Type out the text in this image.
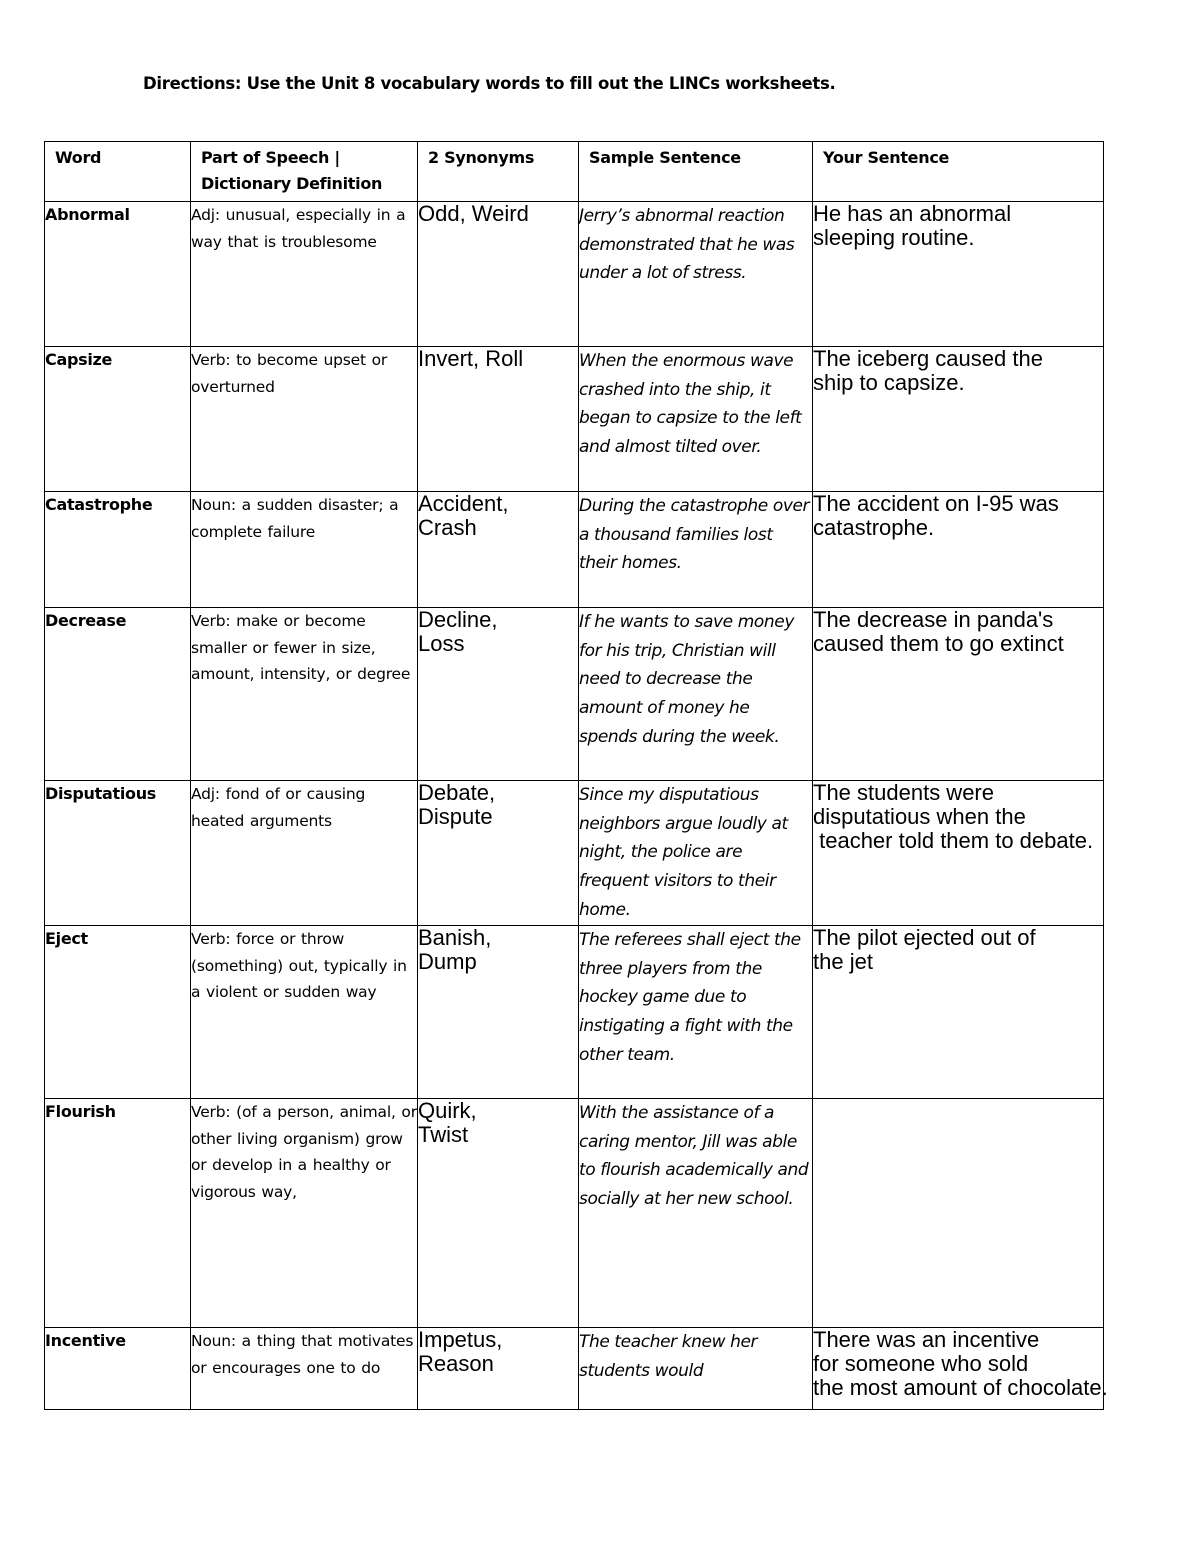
Directions: Use the Unit 8 vocabulary words to fill out the LINCs worksheets.
Word	Part of Speech | Dictionary Definition	2 Synonyms	Sample Sentence	Your Sentence
Abnormal	Adj: unusual, especially in a way that is troublesome	Odd, Weird	Jerry’s abnormal reaction demonstrated that he was under a lot of stress.	He has an abnormal
sleeping routine.
Capsize	Verb: to become upset or overturned	Invert, Roll	When the enormous wave crashed into the ship, it began to capsize to the left and almost tilted over.	The iceberg caused the
ship to capsize.
Catastrophe	Noun: a sudden disaster; a complete failure	Accident,
Crash	During the catastrophe over a thousand families lost their homes.	The accident on I-95 was
catastrophe.
Decrease	Verb: make or become smaller or fewer in size, amount, intensity, or degree	Decline,
Loss	If he wants to save money for his trip, Christian will need to decrease the amount of money he spends during the week.	The decrease in panda's
caused them to go extinct
Disputatious	Adj: fond of or causing heated arguments	Debate,
Dispute	Since my disputatious neighbors argue loudly at night, the police are frequent visitors to their home.	The students were
disputatious when the
teacher told them to debate.
Eject	Verb: force or throw (something) out, typically in a violent or sudden way	Banish,
Dump	The referees shall eject the three players from the hockey game due to instigating a fight with the other team.	The pilot ejected out of
the jet
Flourish	Verb: (of a person, animal, or other living organism) grow or develop in a healthy or vigorous way,	Quirk,
Twist	With the assistance of a caring mentor, Jill was able to flourish academically and socially at her new school.	
Incentive	Noun: a thing that motivates or encourages one to do	Impetus,
Reason	The teacher knew her students would	There was an incentive
for someone who sold
the most amount of chocolate.
